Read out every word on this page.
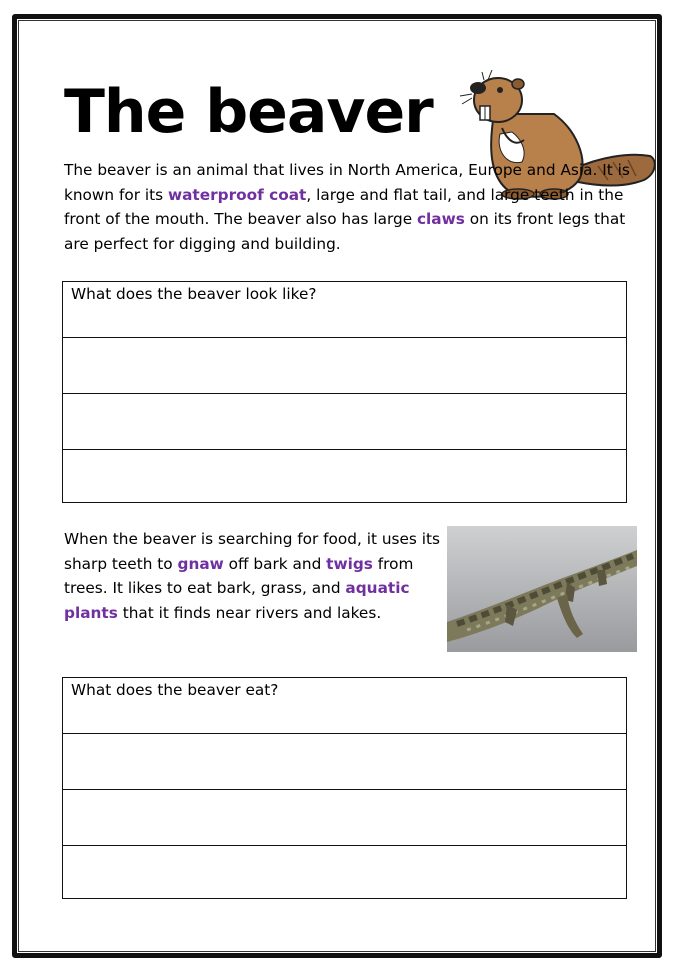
The beaver

The beaver is an animal that lives in North America, Europe and Asia. It is known for its waterproof coat, large and flat tail, and large teeth in the front of the mouth. The beaver also has large claws on its front legs that are perfect for digging and building.

What does the beaver look like?

When the beaver is searching for food, it uses its sharp teeth to gnaw off bark and twigs from trees. It likes to eat bark, grass, and aquatic plants that it finds near rivers and lakes.

What does the beaver eat?
